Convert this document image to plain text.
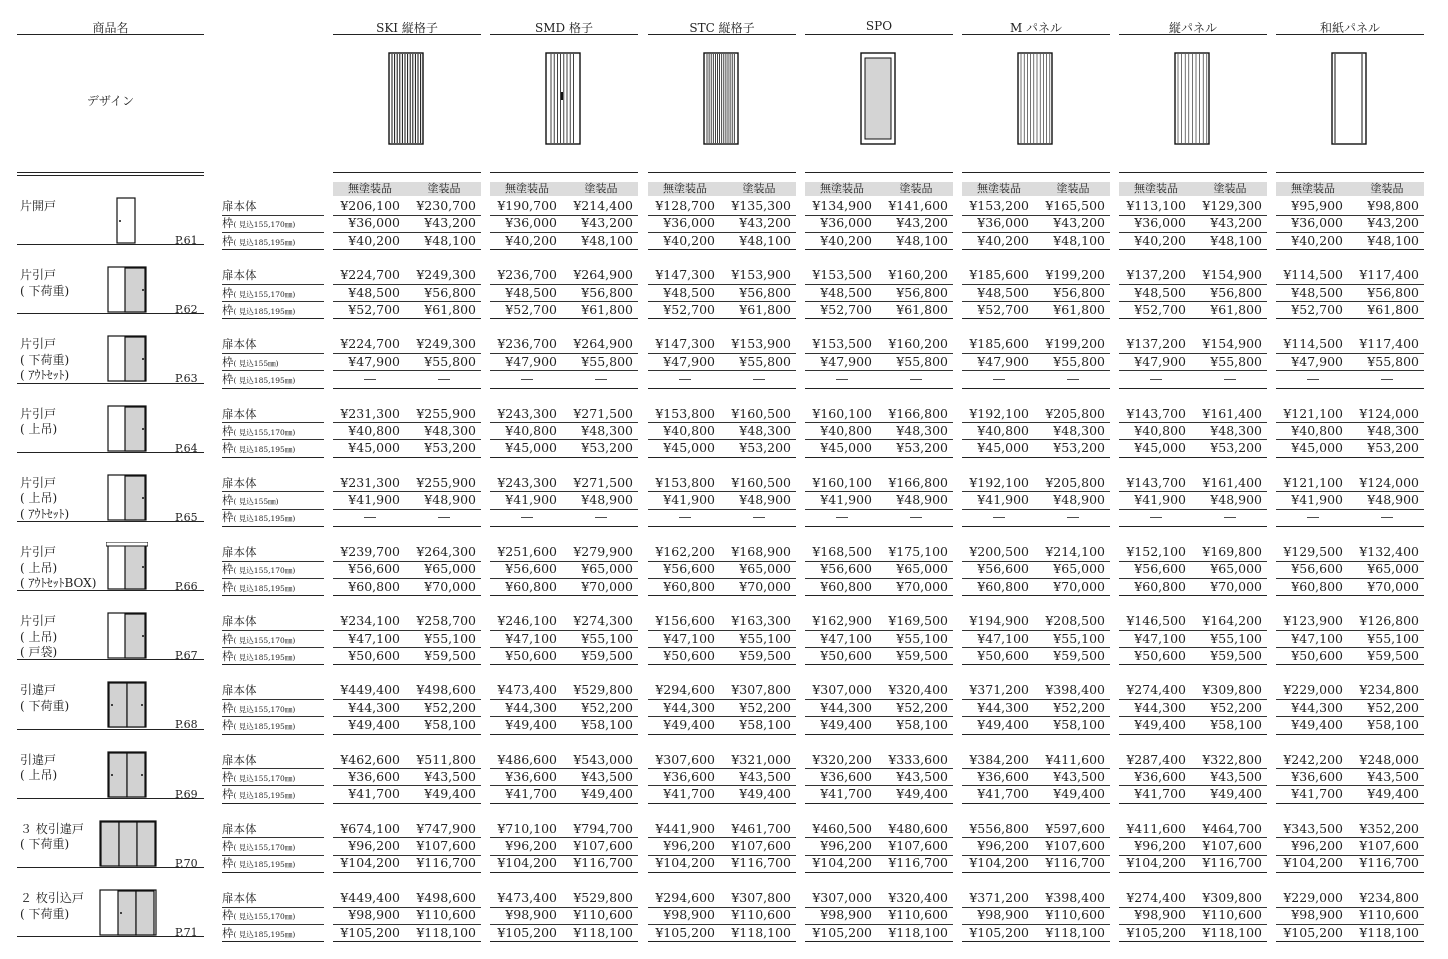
商品名
デザイン
SKI 縦格子	SMD 格子	STC 縦格子	SPO	M パネル	縦パネル	和紙パネル
片開戸
P.61
無塗装品	塗装品	無塗装品	塗装品	無塗装品	塗装品	無塗装品	塗装品	無塗装品	塗装品	無塗装品	塗装品	無塗装品	塗装品
扉本体	¥206,100	¥230,700	¥190,700	¥214,400	¥128,700	¥135,300	¥134,900	¥141,600	¥153,200	¥165,500	¥113,100	¥129,300	¥95,900	¥98,800
枠( 見込155,170㎜)	¥36,000	¥43,200	¥36,000	¥43,200	¥36,000	¥43,200	¥36,000	¥43,200	¥36,000	¥43,200	¥36,000	¥43,200	¥36,000	¥43,200
枠( 見込185,195㎜)	¥40,200	¥48,100	¥40,200	¥48,100	¥40,200	¥48,100	¥40,200	¥48,100	¥40,200	¥48,100	¥40,200	¥48,100	¥40,200	¥48,100
片引戸
( 下荷重)
P.62
扉本体	¥224,700	¥249,300	¥236,700	¥264,900	¥147,300	¥153,900	¥153,500	¥160,200	¥185,600	¥199,200	¥137,200	¥154,900	¥114,500	¥117,400
枠( 見込155,170㎜)	¥48,500	¥56,800	¥48,500	¥56,800	¥48,500	¥56,800	¥48,500	¥56,800	¥48,500	¥56,800	¥48,500	¥56,800	¥48,500	¥56,800
枠( 見込185,195㎜)	¥52,700	¥61,800	¥52,700	¥61,800	¥52,700	¥61,800	¥52,700	¥61,800	¥52,700	¥61,800	¥52,700	¥61,800	¥52,700	¥61,800
片引戸
( 下荷重)
( ｱｳﾄｾｯﾄ)	P.63
扉本体	¥224,700	¥249,300	¥236,700	¥264,900	¥147,300	¥153,900	¥153,500	¥160,200	¥185,600	¥199,200	¥137,200	¥154,900	¥114,500	¥117,400
枠( 見込155㎜)	¥47,900	¥55,800	¥47,900	¥55,800	¥47,900	¥55,800	¥47,900	¥55,800	¥47,900	¥55,800	¥47,900	¥55,800	¥47,900	¥55,800
枠( 見込185,195㎜)	―	―	―	―	―	―	―	―	―	―	―	―	―	―
片引戸
( 上吊)
P.64
扉本体	¥231,300	¥255,900	¥243,300	¥271,500	¥153,800	¥160,500	¥160,100	¥166,800	¥192,100	¥205,800	¥143,700	¥161,400	¥121,100	¥124,000
枠( 見込155,170㎜)	¥40,800	¥48,300	¥40,800	¥48,300	¥40,800	¥48,300	¥40,800	¥48,300	¥40,800	¥48,300	¥40,800	¥48,300	¥40,800	¥48,300
枠( 見込185,195㎜)	¥45,000	¥53,200	¥45,000	¥53,200	¥45,000	¥53,200	¥45,000	¥53,200	¥45,000	¥53,200	¥45,000	¥53,200	¥45,000	¥53,200
片引戸
( 上吊)
( ｱｳﾄｾｯﾄ)	P.65
扉本体	¥231,300	¥255,900	¥243,300	¥271,500	¥153,800	¥160,500	¥160,100	¥166,800	¥192,100	¥205,800	¥143,700	¥161,400	¥121,100	¥124,000
枠( 見込155㎜)	¥41,900	¥48,900	¥41,900	¥48,900	¥41,900	¥48,900	¥41,900	¥48,900	¥41,900	¥48,900	¥41,900	¥48,900	¥41,900	¥48,900
枠( 見込185,195㎜)	―	―	―	―	―	―	―	―	―	―	―	―	―	―
片引戸
( 上吊)
( ｱｳﾄｾｯﾄBOX)	P.66
扉本体	¥239,700	¥264,300	¥251,600	¥279,900	¥162,200	¥168,900	¥168,500	¥175,100	¥200,500	¥214,100	¥152,100	¥169,800	¥129,500	¥132,400
枠( 見込155,170㎜)	¥56,600	¥65,000	¥56,600	¥65,000	¥56,600	¥65,000	¥56,600	¥65,000	¥56,600	¥65,000	¥56,600	¥65,000	¥56,600	¥65,000
枠( 見込185,195㎜)	¥60,800	¥70,000	¥60,800	¥70,000	¥60,800	¥70,000	¥60,800	¥70,000	¥60,800	¥70,000	¥60,800	¥70,000	¥60,800	¥70,000
片引戸
( 上吊)
( 戸袋)	P.67
扉本体	¥234,100	¥258,700	¥246,100	¥274,300	¥156,600	¥163,300	¥162,900	¥169,500	¥194,900	¥208,500	¥146,500	¥164,200	¥123,900	¥126,800
枠( 見込155,170㎜)	¥47,100	¥55,100	¥47,100	¥55,100	¥47,100	¥55,100	¥47,100	¥55,100	¥47,100	¥55,100	¥47,100	¥55,100	¥47,100	¥55,100
枠( 見込185,195㎜)	¥50,600	¥59,500	¥50,600	¥59,500	¥50,600	¥59,500	¥50,600	¥59,500	¥50,600	¥59,500	¥50,600	¥59,500	¥50,600	¥59,500
引違戸
( 下荷重)
P.68
扉本体	¥449,400	¥498,600	¥473,400	¥529,800	¥294,600	¥307,800	¥307,000	¥320,400	¥371,200	¥398,400	¥274,400	¥309,800	¥229,000	¥234,800
枠( 見込155,170㎜)	¥44,300	¥52,200	¥44,300	¥52,200	¥44,300	¥52,200	¥44,300	¥52,200	¥44,300	¥52,200	¥44,300	¥52,200	¥44,300	¥52,200
枠( 見込185,195㎜)	¥49,400	¥58,100	¥49,400	¥58,100	¥49,400	¥58,100	¥49,400	¥58,100	¥49,400	¥58,100	¥49,400	¥58,100	¥49,400	¥58,100
引違戸
( 上吊)
P.69
扉本体	¥462,600	¥511,800	¥486,600	¥543,000	¥307,600	¥321,000	¥320,200	¥333,600	¥384,200	¥411,600	¥287,400	¥322,800	¥242,200	¥248,000
枠( 見込155,170㎜)	¥36,600	¥43,500	¥36,600	¥43,500	¥36,600	¥43,500	¥36,600	¥43,500	¥36,600	¥43,500	¥36,600	¥43,500	¥36,600	¥43,500
枠( 見込185,195㎜)	¥41,700	¥49,400	¥41,700	¥49,400	¥41,700	¥49,400	¥41,700	¥49,400	¥41,700	¥49,400	¥41,700	¥49,400	¥41,700	¥49,400
３ 枚引違戸
( 下荷重)
P.70
扉本体	¥674,100	¥747,900	¥710,100	¥794,700	¥441,900	¥461,700	¥460,500	¥480,600	¥556,800	¥597,600	¥411,600	¥464,700	¥343,500	¥352,200
枠( 見込155,170㎜)	¥96,200	¥107,600	¥96,200	¥107,600	¥96,200	¥107,600	¥96,200	¥107,600	¥96,200	¥107,600	¥96,200	¥107,600	¥96,200	¥107,600
枠( 見込185,195㎜)	¥104,200	¥116,700	¥104,200	¥116,700	¥104,200	¥116,700	¥104,200	¥116,700	¥104,200	¥116,700	¥104,200	¥116,700	¥104,200	¥116,700
２ 枚引込戸
( 下荷重)
P.71
扉本体	¥449,400	¥498,600	¥473,400	¥529,800	¥294,600	¥307,800	¥307,000	¥320,400	¥371,200	¥398,400	¥274,400	¥309,800	¥229,000	¥234,800
枠( 見込155,170㎜)	¥98,900	¥110,600	¥98,900	¥110,600	¥98,900	¥110,600	¥98,900	¥110,600	¥98,900	¥110,600	¥98,900	¥110,600	¥98,900	¥110,600
枠( 見込185,195㎜)	¥105,200	¥118,100	¥105,200	¥118,100	¥105,200	¥118,100	¥105,200	¥118,100	¥105,200	¥118,100	¥105,200	¥118,100	¥105,200	¥118,100
